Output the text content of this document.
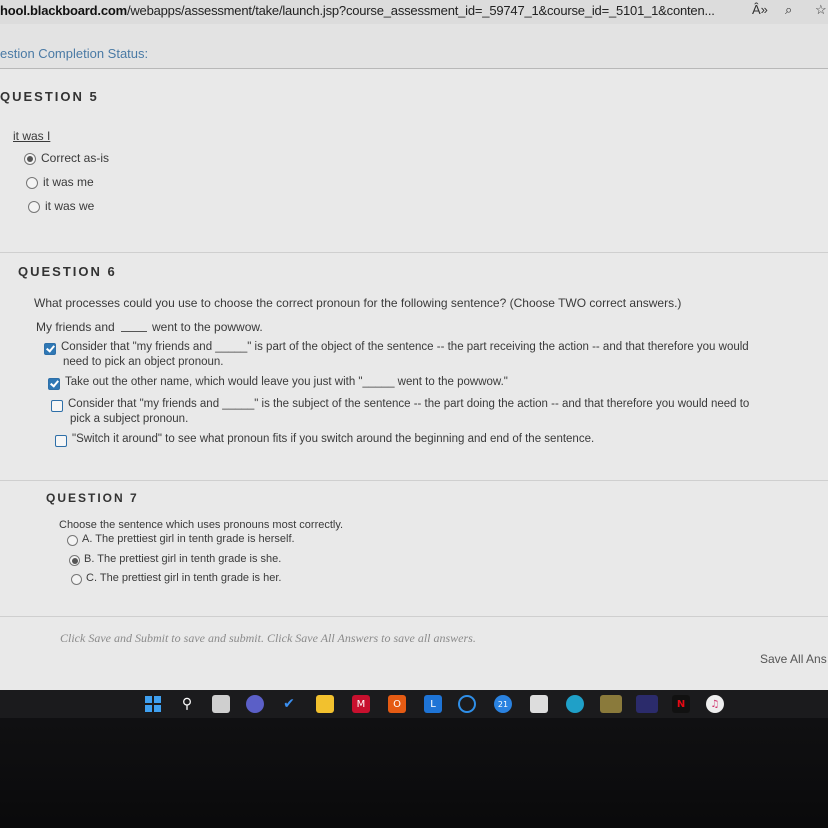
hool.blackboard.com/webapps/assessment/take/launch.jsp?course_assessment_id=_59747_1&course_id=_5101_1&conten...	Â» ⌕ ☆
estion Completion Status:
QUESTION 5
it was I
Correct as-is
it was me
it was we
QUESTION 6
What processes could you use to choose the correct pronoun for the following sentence? (Choose TWO correct answers.)
My friends and	went to the powwow.
Consider that "my friends and _____" is part of the object of the sentence -- the part receiving the action -- and that therefore you would
need to pick an object pronoun.
Take out the other name, which would leave you just with "_____ went to the powwow."
Consider that "my friends and _____" is the subject of the sentence -- the part doing the action -- and that therefore you would need to
pick a subject pronoun.
"Switch it around" to see what pronoun fits if you switch around the beginning and end of the sentence.
QUESTION 7
Choose the sentence which uses pronouns most correctly.
A. The prettiest girl in tenth grade is herself.
B. The prettiest girl in tenth grade is she.
C. The prettiest girl in tenth grade is her.
Click Save and Submit to save and submit. Click Save All Answers to save all answers.
Save All Ans
⚲	✔	M	O	L	21	N	♫
